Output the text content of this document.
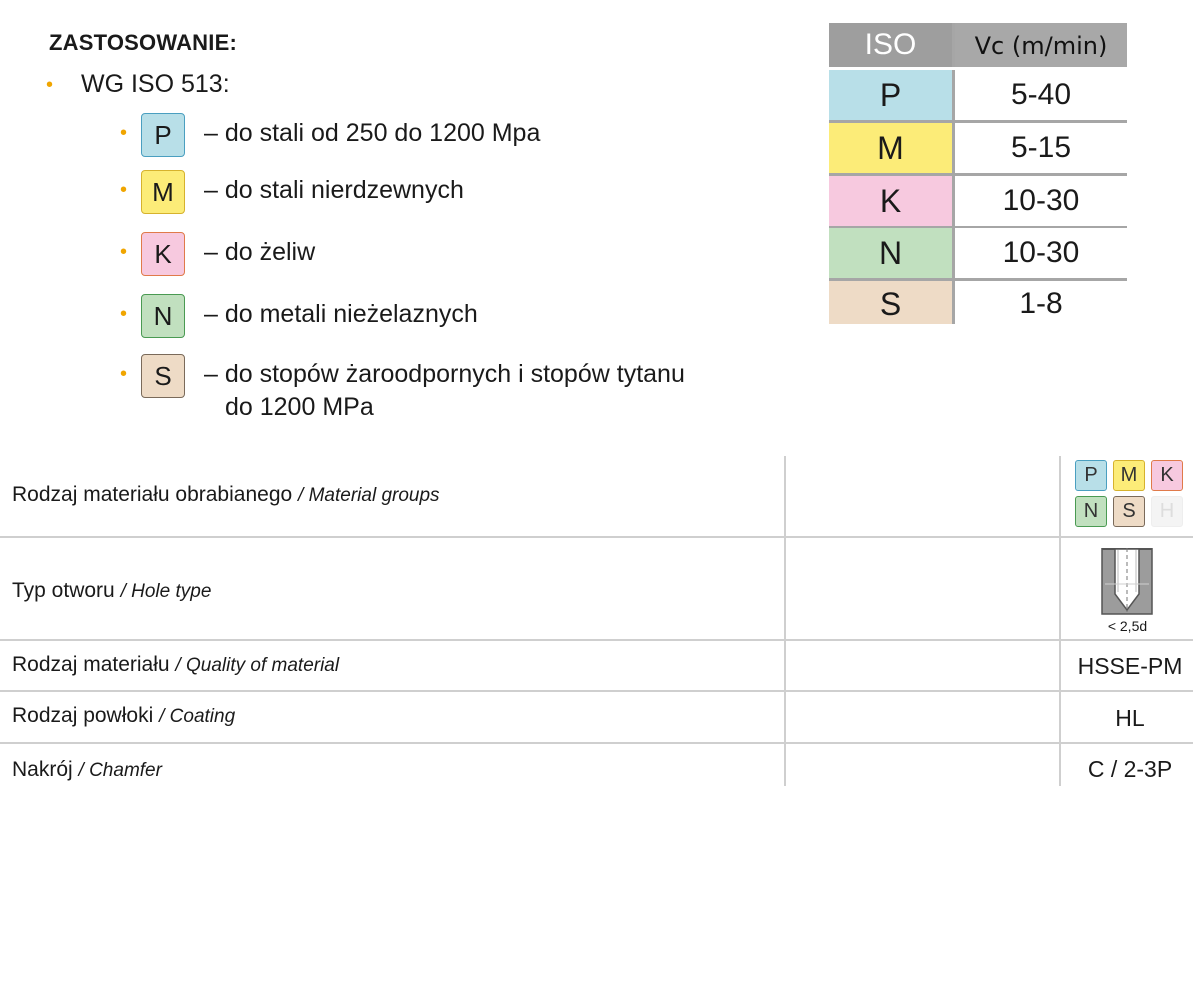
ZASTOSOWANIE:
• WG ISO 513:
•	P	– do stali od 250 do 1200 Mpa
• M	– do stali nierdzewnych
•	K	– do żeliw
•	N	– do metali nieżelaznych
•	S	– do stopów żaroodpornych i stopów tytanu
do 1200 MPa
ISO	Vc (m/min)
P	5-40
M	5-15
K	10-30
N	10-30
S	1-8
Rodzaj materiału obrabianego / Material groups
P	M	K
N	S	H
Typ otworu / Hole type
< 2,5d
Rodzaj materiału / Quality of material	HSSE-PM
Rodzaj powłoki / Coating	HL
Nakrój / Chamfer	C / 2-3P
